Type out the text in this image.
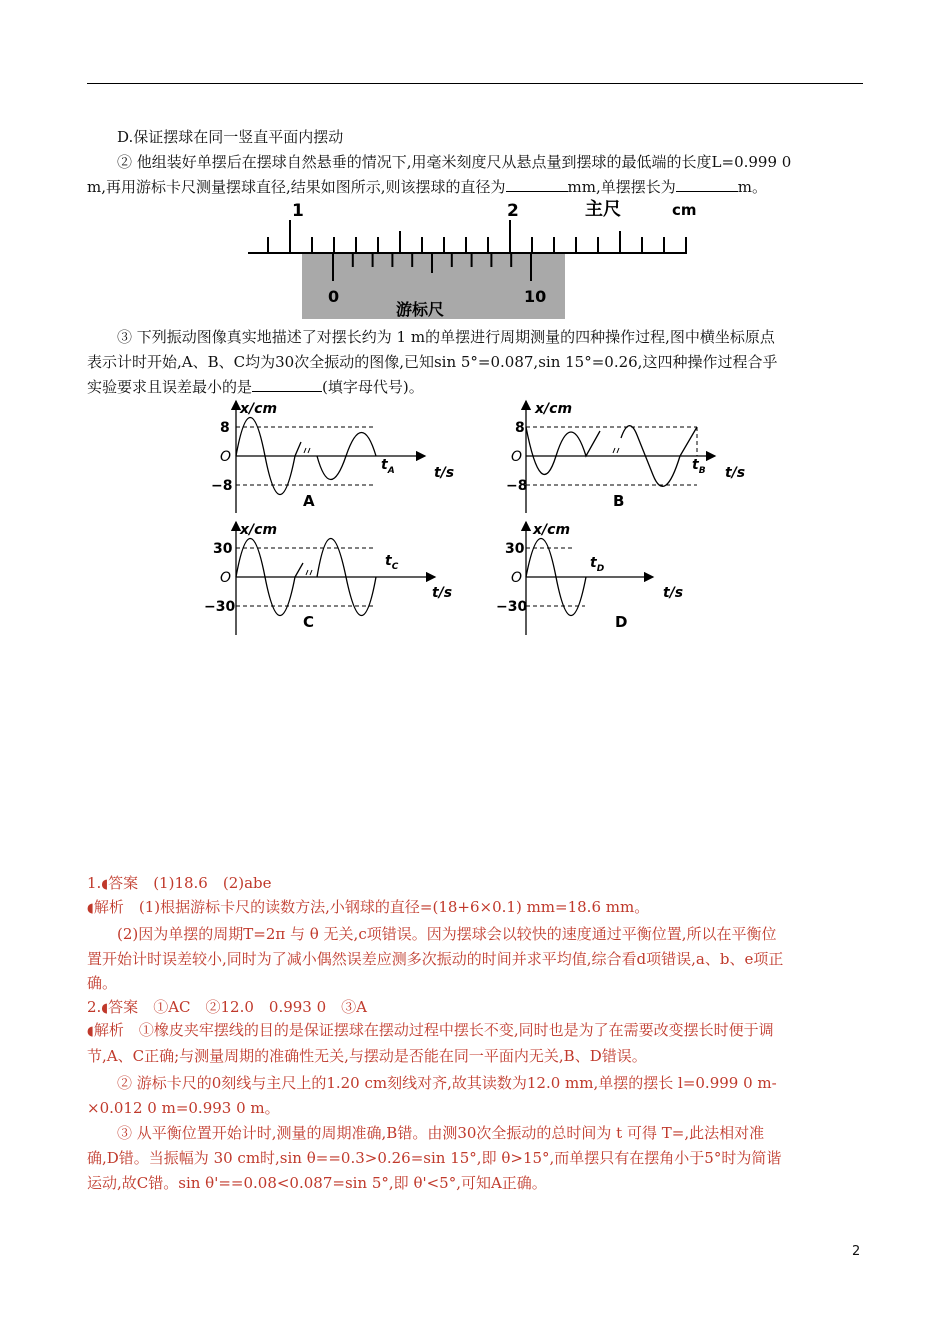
D.保证摆球在同一竖直平面内摆动
② 他组装好单摆后在摆球自然悬垂的情况下,用毫米刻度尺从悬点量到摆球的最低端的长度L=0.999 0
m,再用游标卡尺测量摆球直径,结果如图所示,则该摆球的直径为	mm,单摆摆长为	m。
1	2	主尺	cm
0	10
游标尺
③ 下列振动图像真实地描述了对摆长约为 1 m的单摆进行周期测量的四种操作过程,图中横坐标原点
表示计时开始,A、B、C均为30次全振动的图像,已知sin 5°=0.087,sin 15°=0.26,这四种操作过程合乎
实验要求且误差最小的是	(填字母代号)。
x/cm
t/s
O
8
−8
$t_A$
A
x/cm
t/s
O
8
−8
$t_B$
B
x/cm
t/s
O
30
−30
$t_C$
C
x/cm
t/s
O
30
−30
$t_D$
D
1.◖答案　 (1)18.6　(2)abe
◖解析　 (1)根据游标卡尺的读数方法,小钢球的直径=(18+6×0.1) mm=18.6 mm。
(2)因为单摆的周期T=2π 与 θ 无关,c项错误。因为摆球会以较快的速度通过平衡位置,所以在平衡位
置开始计时误差较小,同时为了减小偶然误差应测多次振动的时间并求平均值,综合看d项错误,a、b、e项正
确。
2.◖答案　 ①AC　②12.0　0.993 0　③A
◖解析　 ①橡皮夹牢摆线的目的是保证摆球在摆动过程中摆长不变,同时也是为了在需要改变摆长时便于调
节,A、C正确;与测量周期的准确性无关,与摆动是否能在同一平面内无关,B、D错误。
② 游标卡尺的0刻线与主尺上的1.20 cm刻线对齐,故其读数为12.0 mm,单摆的摆长 l=0.999 0 m-
×0.012 0 m=0.993 0 m。
③ 从平衡位置开始计时,测量的周期准确,B错。由测30次全振动的总时间为 t 可得 T=,此法相对准
确,D错。当振幅为 30 cm时,sin θ==0.3>0.26=sin 15°,即 θ>15°,而单摆只有在摆角小于5°时为简谐
运动,故C错。sin θ'==0.08<0.087=sin 5°,即 θ'<5°,可知A正确。
2
